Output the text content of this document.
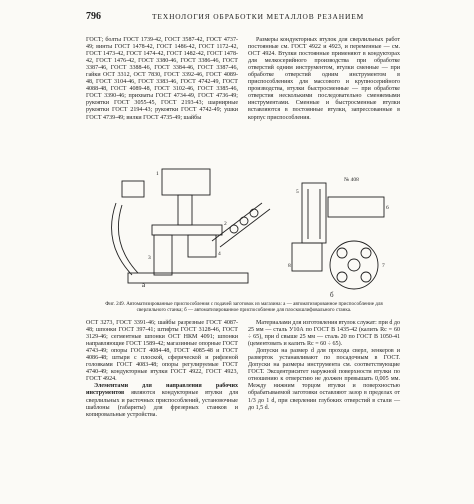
796	ТЕХНОЛОГИЯ ОБРАБОТКИ МЕТАЛЛОВ РЕЗАНИЕМ

ГОСТ; болты ГОСТ 1739-42, ГОСТ 3587-42, ГОСТ 4737-49; винты ГОСТ 1478-42, ГОСТ 1486-42, ГОСТ 1172-42, ГОСТ 1473-42, ГОСТ 1474-42, ГОСТ 1482-42, ГОСТ 1478-42, ГОСТ 1476-42, ГОСТ 3380-46, ГОСТ 3386-46, ГОСТ 3387-46, ГОСТ 3388-46, ГОСТ 3384-46, ГОСТ 3387-46, гайки ОСТ 3312, ОСТ 7830, ГОСТ 3392-46, ГОСТ 4089-48, ГОСТ 3104-46, ГОСТ 3383-46, ГОСТ 4742-49, ГОСТ 4088-48, ГОСТ 4089-48, ГОСТ 3102-46, ГОСТ 3385-46, ГОСТ 3390-46; прихваты ГОСТ 4734-49, ГОСТ 4736-49; рукоятки ГОСТ 3055-45, ГОСТ 2193-43; шарнирные рукоятки ГОСТ 2194-43; рукоятки ГОСТ 4742-49; ушки ГОСТ 4739-49; вилки ГОСТ 4735-49; шайбы

Размеры кондукторных втулок для сверлильных работ постоянные см. ГОСТ 4922 и 4923, и переменные — см. ОСТ 4924. Втулки постоянные применяют в кондукторах для мелкосерийного производства при обработке отверстий одним инструментом, втулки сменные — при обработке отверстий одним инструментом в приспособлениях для массового и крупносерийного производства, втулки быстросменные — при обработке отверстия несколькими последовательно сменяемыми инструментами. Сменные и быстросменные втулки вставляются в постоянные втулки, запрессованные в корпус приспособления.

а
б
№ 408
1
2
3
4
5
6
7
8
Фиг. 249. Автоматизированные приспособления с подачей заготовок из магазина: а — автоматизированное приспособление для сверлильного станка; б — автоматизированное приспособление для плоскошлифовального станка.

ОСТ 3273, ГОСТ 3391-46; шайбы разрезные ГОСТ 4087-48; шпонки ГОСТ 397-41; штифты ГОСТ 3128-46, ГОСТ 3129-46; сегментные шпонки ОСТ НКМ 4091; шпонки направляющие ГОСТ 1589-42; магазинные опорные ГОСТ 4743-49; опоры ГОСТ 4084-48, ГОСТ 4085-48 и ГОСТ 4086-48; штыри с плоской, сферической и рифленой головками ГОСТ 4083-48; опоры регулируемые ГОСТ 4740-49; кондукторные втулки ГОСТ 4922, ГОСТ 4923, ГОСТ 4924.

Элементами для направления рабочих инструментов являются кондукторные втулки для сверлильных и расточных приспособлений, установочные шаблоны (габариты) для фрезерных станков и копировальные устройства.

Материалами для изготовления втулок служат: при d до 25 мм — сталь У10А по ГОСТ В 1435-42 (калить Rc = 60 ÷ 65), при d свыше 25 мм — сталь 20 по ГОСТ В 1050-41 (цементовать и калить Rc = 60 ÷ 65).

Допуски на размер d для прохода сверл, зенкеров и разверток устанавливают по посадочным в ГОСТ. Допуски на размеры инструмента см. соответствующие ГОСТ. Эксцентриситет наружной поверхности втулки по отношению к отверстию не должен превышать 0,005 мм. Между нижним торцом втулки и поверхностью обрабатываемой заготовки оставляют зазор в пределах от 1/3 до 1 d, при сверлении глубоких отверстий в стали — до 1,5 d.
